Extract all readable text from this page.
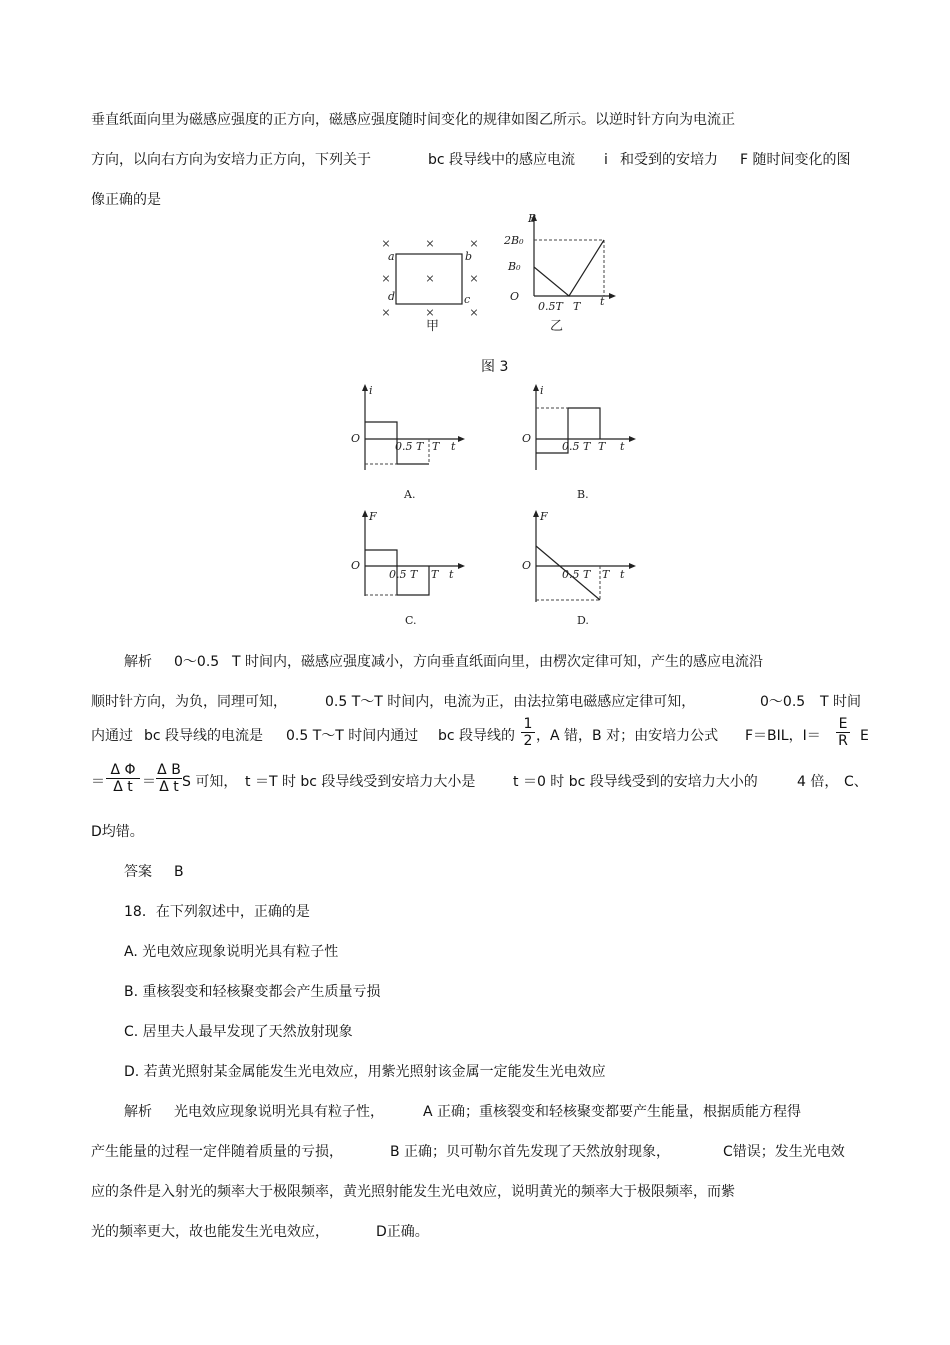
垂直纸面向里为磁感应强度的正方向，磁感应强度随时间变化的规律如图乙所示。以逆时针方向为电流正
方向，以向右方向为安培力正方向，下列关于	bc 段导线中的感应电流 i 和受到的安培力 F 随时间变化的图
像正确的是
×	×	×
×	×	×
×	×	×
a	b
c
d
甲
B
t
O
2B₀
B₀
0.5T T
乙
图 3
i
O
0.5 T T t
A.
i
O
0.5 T T t
B.
F
O
0.5 T T t
C.
F
O
0.5 T T t
D.
解析 0～0.5 T 时间内，磁感应强度减小，方向垂直纸面向里，由楞次定律可知，产生的感应电流沿
顺时针方向，为负，同理可知，	0.5 T～T 时间内，电流为正，由法拉第电磁感应定律可知，	0～0.5 T 时间
内通过 bc 段导线的电流是 0.5 T～T 时间内通过 bc 段导线的 $\frac{1}{2}$ ，A 错，B 对；由安培力公式 F＝BIL，$I= \frac{E}{R}$ E
＝ $\frac{\text{Δ Φ}}{\text{Δ t}} = \frac{\text{Δ B}}{\text{Δ t}}$ S 可知， t ＝T 时 bc 段导线受到安培力大小是	t ＝0 时 bc 段导线受到的安培力大小的	4 倍， C、
D均错。
答案 B
18．在下列叙述中，正确的是
A. 光电效应现象说明光具有粒子性
B. 重核裂变和轻核聚变都会产生质量亏损
C. 居里夫人最早发现了天然放射现象
D. 若黄光照射某金属能发生光电效应，用紫光照射该金属一定能发生光电效应
解析 光电效应现象说明光具有粒子性，	A 正确；重核裂变和轻核聚变都要产生能量，根据质能方程得
产生能量的过程一定伴随着质量的亏损，	B 正确；贝可勒尔首先发现了天然放射现象，	C错误；发生光电效
应的条件是入射光的频率大于极限频率，黄光照射能发生光电效应，说明黄光的频率大于极限频率，而紫
光的频率更大，故也能发生光电效应，	D正确。
